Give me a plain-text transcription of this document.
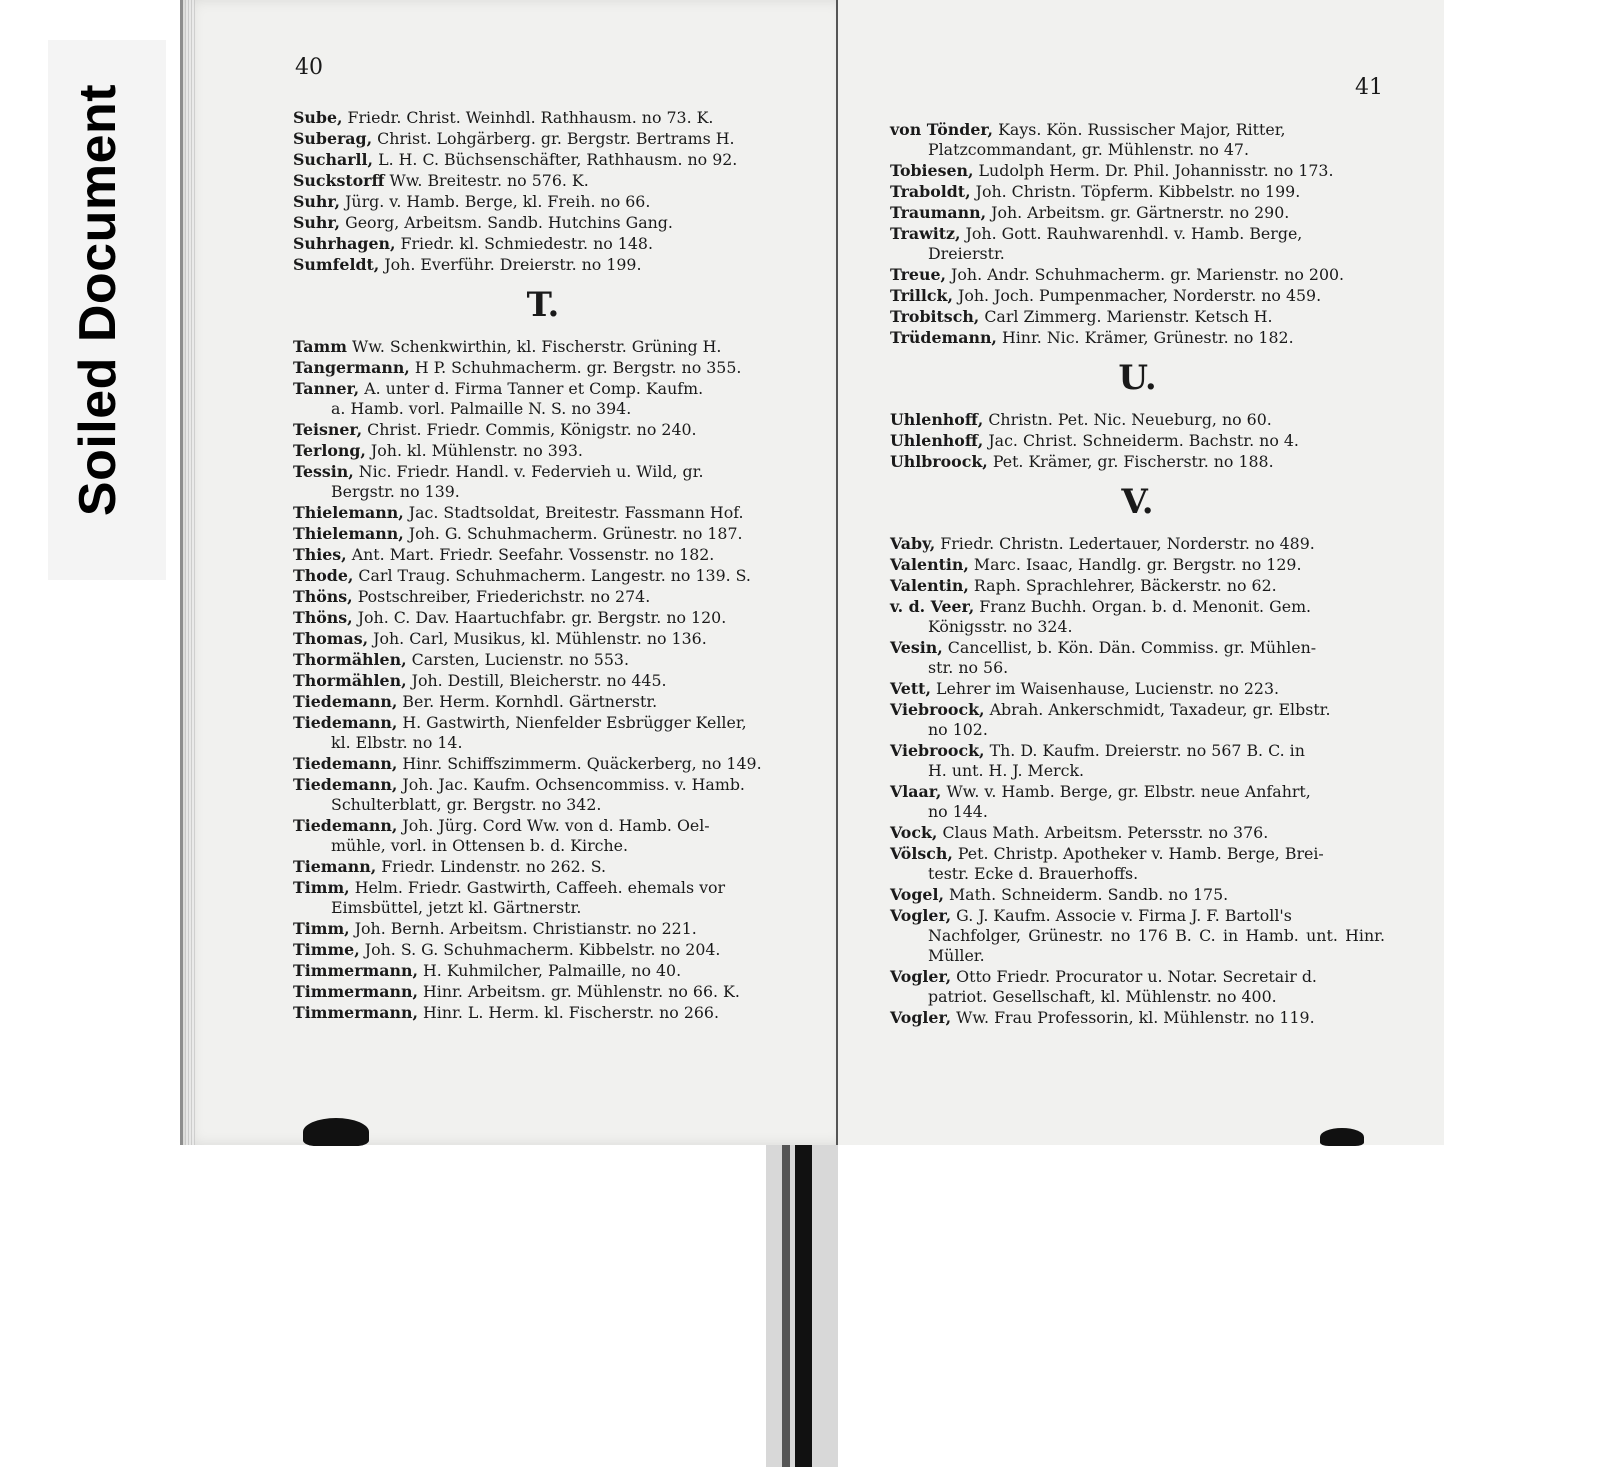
Soiled Document
40
41
Sube, Friedr. Christ. Weinhdl. Rathhausm. no 73. K.
Suberag, Christ. Lohgärberg. gr. Bergstr. Bertrams H.
Sucharll, L. H. C. Büchsenschäfter, Rathhausm. no 92.
Suckstorff Ww. Breitestr. no 576. K.
Suhr, Jürg. v. Hamb. Berge, kl. Freih. no 66.
Suhr, Georg, Arbeitsm. Sandb. Hutchins Gang.
Suhrhagen, Friedr. kl. Schmiedestr. no 148.
Sumfeldt, Joh. Everführ. Dreierstr. no 199.
T.
Tamm Ww. Schenkwirthin, kl. Fischerstr. Grüning H.
Tangermann, H P. Schuhmacherm. gr. Bergstr. no 355.
Tanner, A. unter d. Firma Tanner et Comp. Kaufm.
a. Hamb. vorl. Palmaille N. S. no 394.
Teisner, Christ. Friedr. Commis, Königstr. no 240.
Terlong, Joh. kl. Mühlenstr. no 393.
Tessin, Nic. Friedr. Handl. v. Federvieh u. Wild, gr.
Bergstr. no 139.
Thielemann, Jac. Stadtsoldat, Breitestr. Fassmann Hof.
Thielemann, Joh. G. Schuhmacherm. Grünestr. no 187.
Thies, Ant. Mart. Friedr. Seefahr. Vossenstr. no 182.
Thode, Carl Traug. Schuhmacherm. Langestr. no 139. S.
Thöns, Postschreiber, Friederichstr. no 274.
Thöns, Joh. C. Dav. Haartuchfabr. gr. Bergstr. no 120.
Thomas, Joh. Carl, Musikus, kl. Mühlenstr. no 136.
Thormählen, Carsten, Lucienstr. no 553.
Thormählen, Joh. Destill, Bleicherstr. no 445.
Tiedemann, Ber. Herm. Kornhdl. Gärtnerstr.
Tiedemann, H. Gastwirth, Nienfelder Esbrügger Keller,
kl. Elbstr. no 14.
Tiedemann, Hinr. Schiffszimmerm. Quäckerberg, no 149.
Tiedemann, Joh. Jac. Kaufm. Ochsencommiss. v. Hamb.
Schulterblatt, gr. Bergstr. no 342.
Tiedemann, Joh. Jürg. Cord Ww. von d. Hamb. Oel-
mühle, vorl. in Ottensen b. d. Kirche.
Tiemann, Friedr. Lindenstr. no 262. S.
Timm, Helm. Friedr. Gastwirth, Caffeeh. ehemals vor
Eimsbüttel, jetzt kl. Gärtnerstr.
Timm, Joh. Bernh. Arbeitsm. Christianstr. no 221.
Timme, Joh. S. G. Schuhmacherm. Kibbelstr. no 204.
Timmermann, H. Kuhmilcher, Palmaille, no 40.
Timmermann, Hinr. Arbeitsm. gr. Mühlenstr. no 66. K.
Timmermann, Hinr. L. Herm. kl. Fischerstr. no 266.
von Tönder, Kays. Kön. Russischer Major, Ritter,
Platzcommandant, gr. Mühlenstr. no 47.
Tobiesen, Ludolph Herm. Dr. Phil. Johannisstr. no 173.
Traboldt, Joh. Christn. Töpferm. Kibbelstr. no 199.
Traumann, Joh. Arbeitsm. gr. Gärtnerstr. no 290.
Trawitz, Joh. Gott. Rauhwarenhdl. v. Hamb. Berge,
Dreierstr.
Treue, Joh. Andr. Schuhmacherm. gr. Marienstr. no 200.
Trillck, Joh. Joch. Pumpenmacher, Norderstr. no 459.
Trobitsch, Carl Zimmerg. Marienstr. Ketsch H.
Trüdemann, Hinr. Nic. Krämer, Grünestr. no 182.
U.
Uhlenhoff, Christn. Pet. Nic. Neueburg, no 60.
Uhlenhoff, Jac. Christ. Schneiderm. Bachstr. no 4.
Uhlbroock, Pet. Krämer, gr. Fischerstr. no 188.
V.
Vaby, Friedr. Christn. Ledertauer, Norderstr. no 489.
Valentin, Marc. Isaac, Handlg. gr. Bergstr. no 129.
Valentin, Raph. Sprachlehrer, Bäckerstr. no 62.
v. d. Veer, Franz Buchh. Organ. b. d. Menonit. Gem.
Königsstr. no 324.
Vesin, Cancellist, b. Kön. Dän. Commiss. gr. Mühlen-
str. no 56.
Vett, Lehrer im Waisenhause, Lucienstr. no 223.
Viebroock, Abrah. Ankerschmidt, Taxadeur, gr. Elbstr.
no 102.
Viebroock, Th. D. Kaufm. Dreierstr. no 567 B. C. in
H. unt. H. J. Merck.
Vlaar, Ww. v. Hamb. Berge, gr. Elbstr. neue Anfahrt,
no 144.
Vock, Claus Math. Arbeitsm. Petersstr. no 376.
Völsch, Pet. Christp. Apotheker v. Hamb. Berge, Brei-
testr. Ecke d. Brauerhoffs.
Vogel, Math. Schneiderm. Sandb. no 175.
Vogler, G. J. Kaufm. Associe v. Firma J. F. Bartoll's
Nachfolger, Grünestr. no 176 B. C. in Hamb. unt. Hinr. Müller.
Vogler, Otto Friedr. Procurator u. Notar. Secretair d.
patriot. Gesellschaft, kl. Mühlenstr. no 400.
Vogler, Ww. Frau Professorin, kl. Mühlenstr. no 119.
